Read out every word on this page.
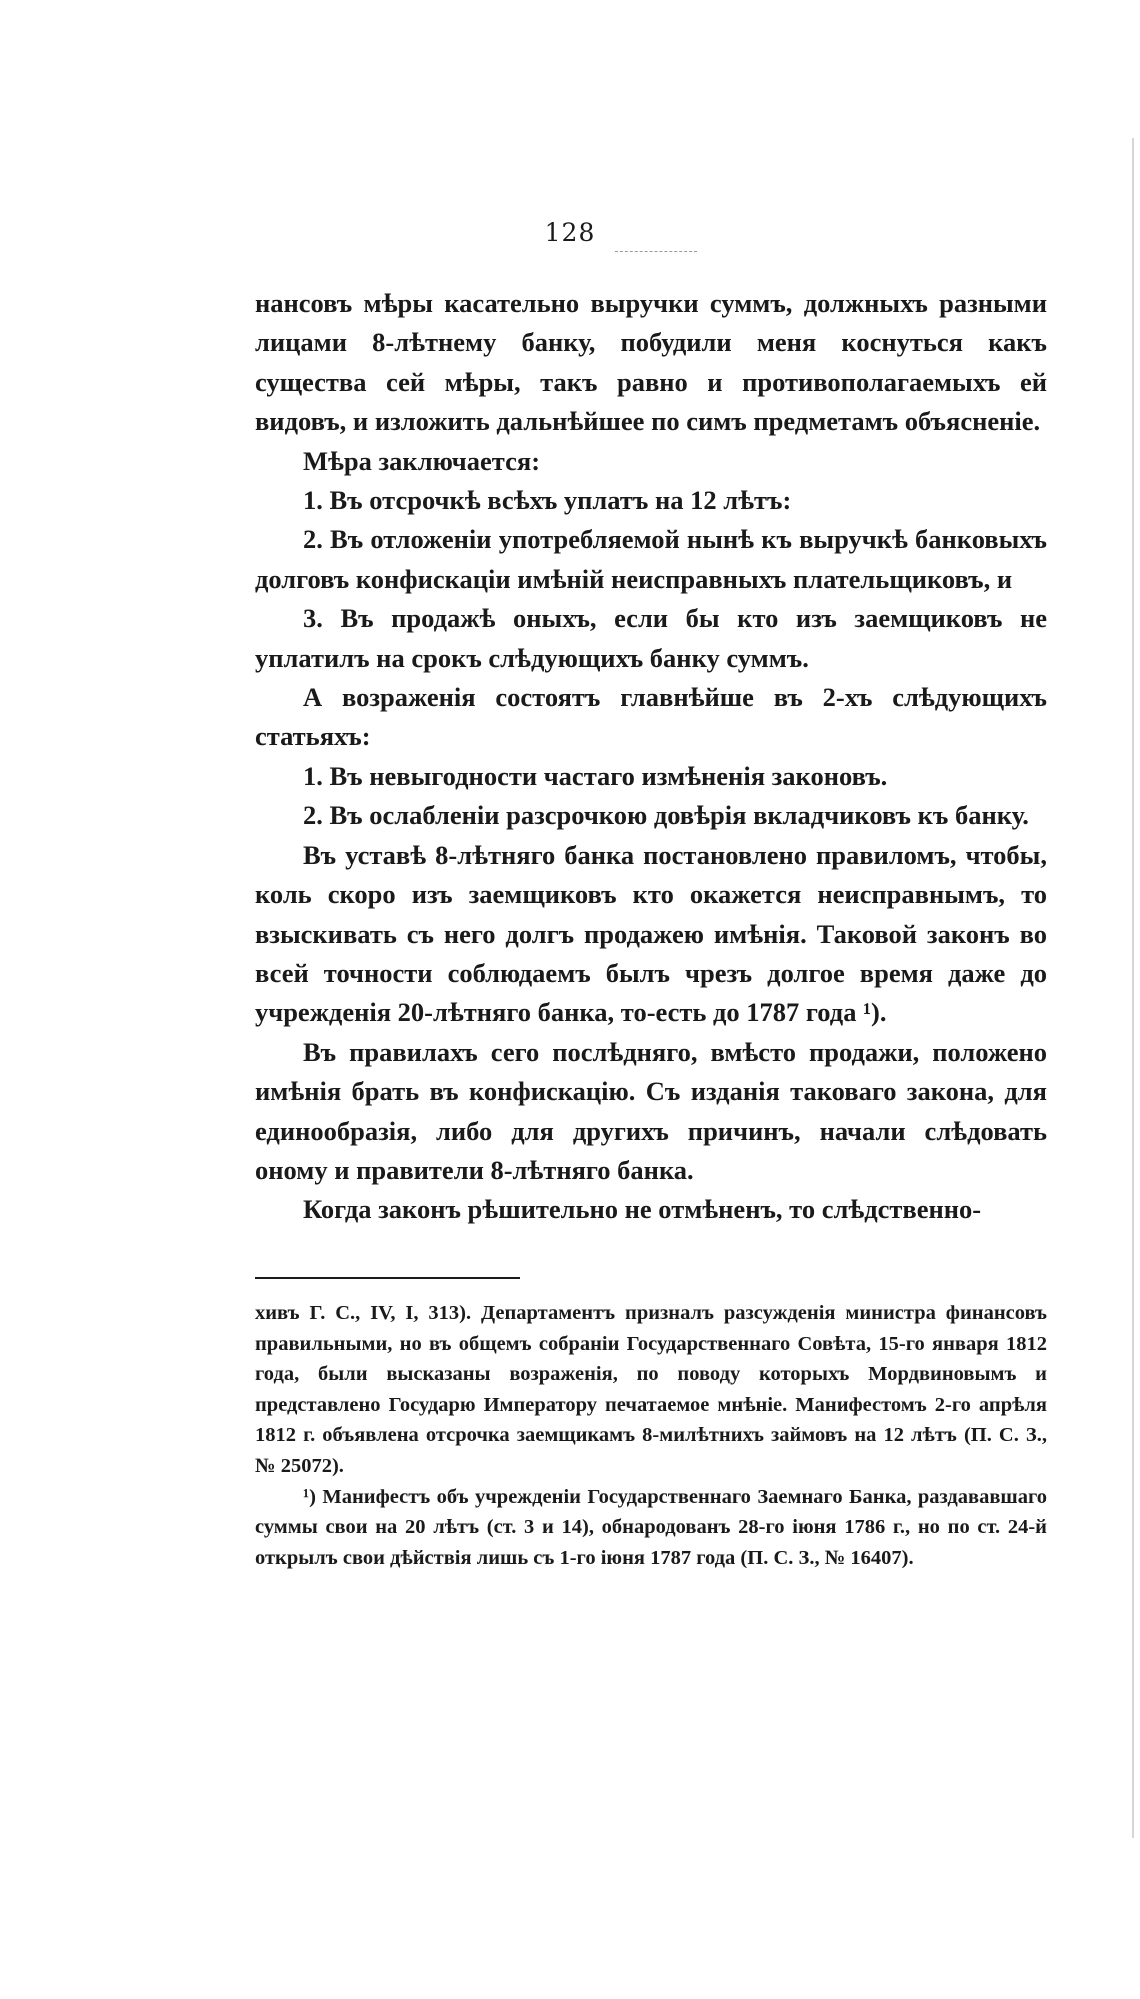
128

нансовъ мѣры касательно выручки суммъ, должныхъ разными лицами 8-лѣтнему банку, побудили меня коснуться какъ существа сей мѣры, такъ равно и противополагаемыхъ ей видовъ, и изложить дальнѣйшее по симъ предметамъ объясненіе.

Мѣра заключается:

1. Въ отсрочкѣ всѣхъ уплатъ на 12 лѣтъ:

2. Въ отложеніи употребляемой нынѣ къ выручкѣ банковыхъ долговъ конфискаціи имѣній неисправныхъ плательщиковъ, и

3. Въ продажѣ оныхъ, если бы кто изъ заемщиковъ не уплатилъ на срокъ слѣдующихъ банку суммъ.

А возраженія состоятъ главнѣйше въ 2-хъ слѣдующихъ статьяхъ:

1. Въ невыгодности частаго измѣненія законовъ.

2. Въ ослабленіи разсрочкою довѣрія вкладчиковъ къ банку.

Въ уставѣ 8-лѣтняго банка постановлено правиломъ, чтобы, коль скоро изъ заемщиковъ кто окажется неисправнымъ, то взыскивать съ него долгъ продажею имѣнія. Таковой законъ во всей точности соблюдаемъ былъ чрезъ долгое время даже до учрежденія 20-лѣтняго банка, то-есть до 1787 года ¹).

Въ правилахъ сего послѣдняго, вмѣсто продажи, положено имѣнія брать въ конфискацію. Съ изданія таковаго закона, для единообразія, либо для другихъ причинъ, начали слѣдовать оному и правители 8-лѣтняго банка.

Когда законъ рѣшительно не отмѣненъ, то слѣдственно-

хивъ Г. С., IV, I, 313). Департаментъ призналъ разсужденія министра финансовъ правильными, но въ общемъ собраніи Государственнаго Совѣта, 15-го января 1812 года, были высказаны возраженія, по поводу которыхъ Мордвиновымъ и представлено Государю Императору печатаемое мнѣніе. Манифестомъ 2-го апрѣля 1812 г. объявлена отсрочка заемщикамъ 8-милѣтнихъ займовъ на 12 лѣтъ (П. С. З., № 25072).

¹) Манифестъ объ учрежденіи Государственнаго Заемнаго Банка, раздававшаго суммы свои на 20 лѣтъ (ст. 3 и 14), обнародованъ 28-го іюня 1786 г., но по ст. 24-й открылъ свои дѣйствія лишь съ 1-го іюня 1787 года (П. С. З., № 16407).
